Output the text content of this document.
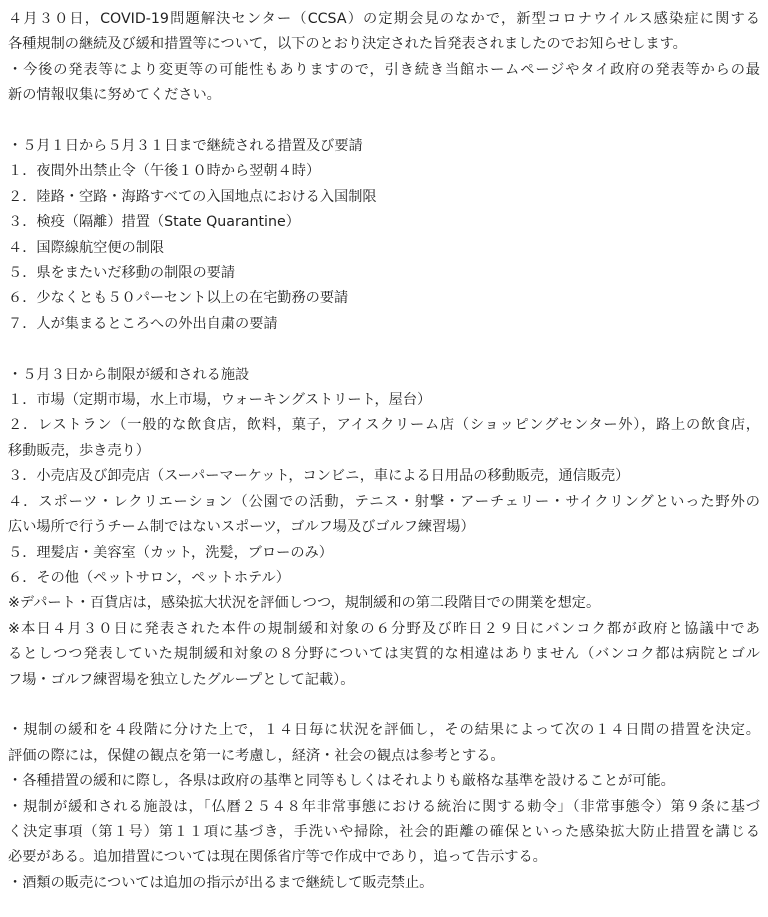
４月３０日，COVID-19問題解決センター（CCSA）の定期会見のなかで，新型コロナウイルス感染症に関する
各種規制の継続及び緩和措置等について，以下のとおり決定された旨発表されましたのでお知らせします。
・今後の発表等により変更等の可能性もありますので，引き続き当館ホームページやタイ政府の発表等からの最
新の情報収集に努めてください。
・５月１日から５月３１日まで継続される措置及び要請
１．夜間外出禁止令（午後１０時から翌朝４時）
２．陸路・空路・海路すべての入国地点における入国制限
３．検疫（隔離）措置（State Quarantine）
４．国際線航空便の制限
５．県をまたいだ移動の制限の要請
６．少なくとも５０パーセント以上の在宅勤務の要請
７．人が集まるところへの外出自粛の要請
・５月３日から制限が緩和される施設
１．市場（定期市場，水上市場，ウォーキングストリート，屋台）
２．レストラン（一般的な飲食店，飲料，菓子，アイスクリーム店（ショッピングセンター外），路上の飲食店，
移動販売，歩き売り）
３．小売店及び卸売店（スーパーマーケット，コンビニ，車による日用品の移動販売，通信販売）
４．スポーツ・レクリエーション（公園での活動，テニス・射撃・アーチェリー・サイクリングといった野外の
広い場所で行うチーム制ではないスポーツ，ゴルフ場及びゴルフ練習場）
５．理髪店・美容室（カット，洗髪，ブローのみ）
６．その他（ペットサロン，ペットホテル）
※デパート・百貨店は，感染拡大状況を評価しつつ，規制緩和の第二段階目での開業を想定。
※本日４月３０日に発表された本件の規制緩和対象の６分野及び昨日２９日にバンコク都が政府と協議中であ
るとしつつ発表していた規制緩和対象の８分野については実質的な相違はありません（バンコク都は病院とゴル
フ場・ゴルフ練習場を独立したグループとして記載）。
・規制の緩和を４段階に分けた上で，１４日毎に状況を評価し，その結果によって次の１４日間の措置を決定。
評価の際には，保健の観点を第一に考慮し，経済・社会の観点は参考とする。
・各種措置の緩和に際し，各県は政府の基準と同等もしくはそれよりも厳格な基準を設けることが可能。
・規制が緩和される施設は，「仏暦２５４８年非常事態における統治に関する勅令」（非常事態令）第９条に基づ
く決定事項（第１号）第１１項に基づき，手洗いや掃除，社会的距離の確保といった感染拡大防止措置を講じる
必要がある。追加措置については現在関係省庁等で作成中であり，追って告示する。
・酒類の販売については追加の指示が出るまで継続して販売禁止。
